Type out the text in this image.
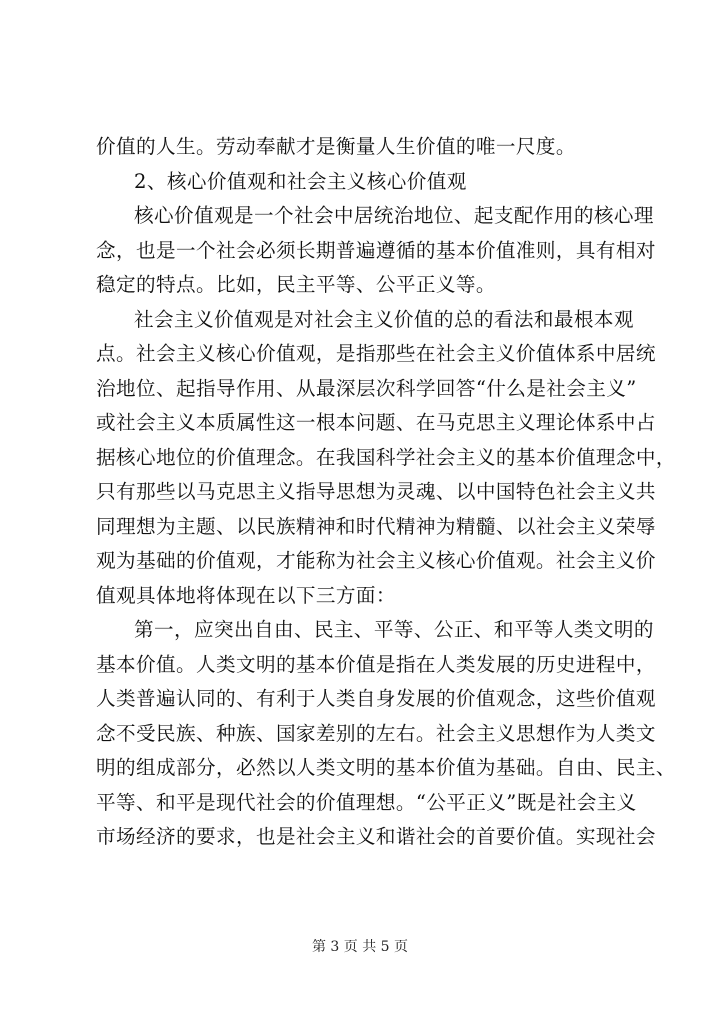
价值的人生。劳动奉献才是衡量人生价值的唯一尺度。
2、核心价值观和社会主义核心价值观
核心价值观是一个社会中居统治地位、起支配作用的核心理
念，也是一个社会必须长期普遍遵循的基本价值准则，具有相对
稳定的特点。比如，民主平等、公平正义等。
社会主义价值观是对社会主义价值的总的看法和最根本观
点。社会主义核心价值观，是指那些在社会主义价值体系中居统
治地位、起指导作用、从最深层次科学回答“什么是社会主义”
或社会主义本质属性这一根本问题、在马克思主义理论体系中占
据核心地位的价值理念。在我国科学社会主义的基本价值理念中，
只有那些以马克思主义指导思想为灵魂、以中国特色社会主义共
同理想为主题、以民族精神和时代精神为精髓、以社会主义荣辱
观为基础的价值观，才能称为社会主义核心价值观。社会主义价
值观具体地将体现在以下三方面：
第一，应突出自由、民主、平等、公正、和平等人类文明的
基本价值。人类文明的基本价值是指在人类发展的历史进程中，
人类普遍认同的、有利于人类自身发展的价值观念，这些价值观
念不受民族、种族、国家差别的左右。社会主义思想作为人类文
明的组成部分，必然以人类文明的基本价值为基础。自由、民主、
平等、和平是现代社会的价值理想。“公平正义”既是社会主义
市场经济的要求，也是社会主义和谐社会的首要价值。实现社会
第 3 页 共 5 页
